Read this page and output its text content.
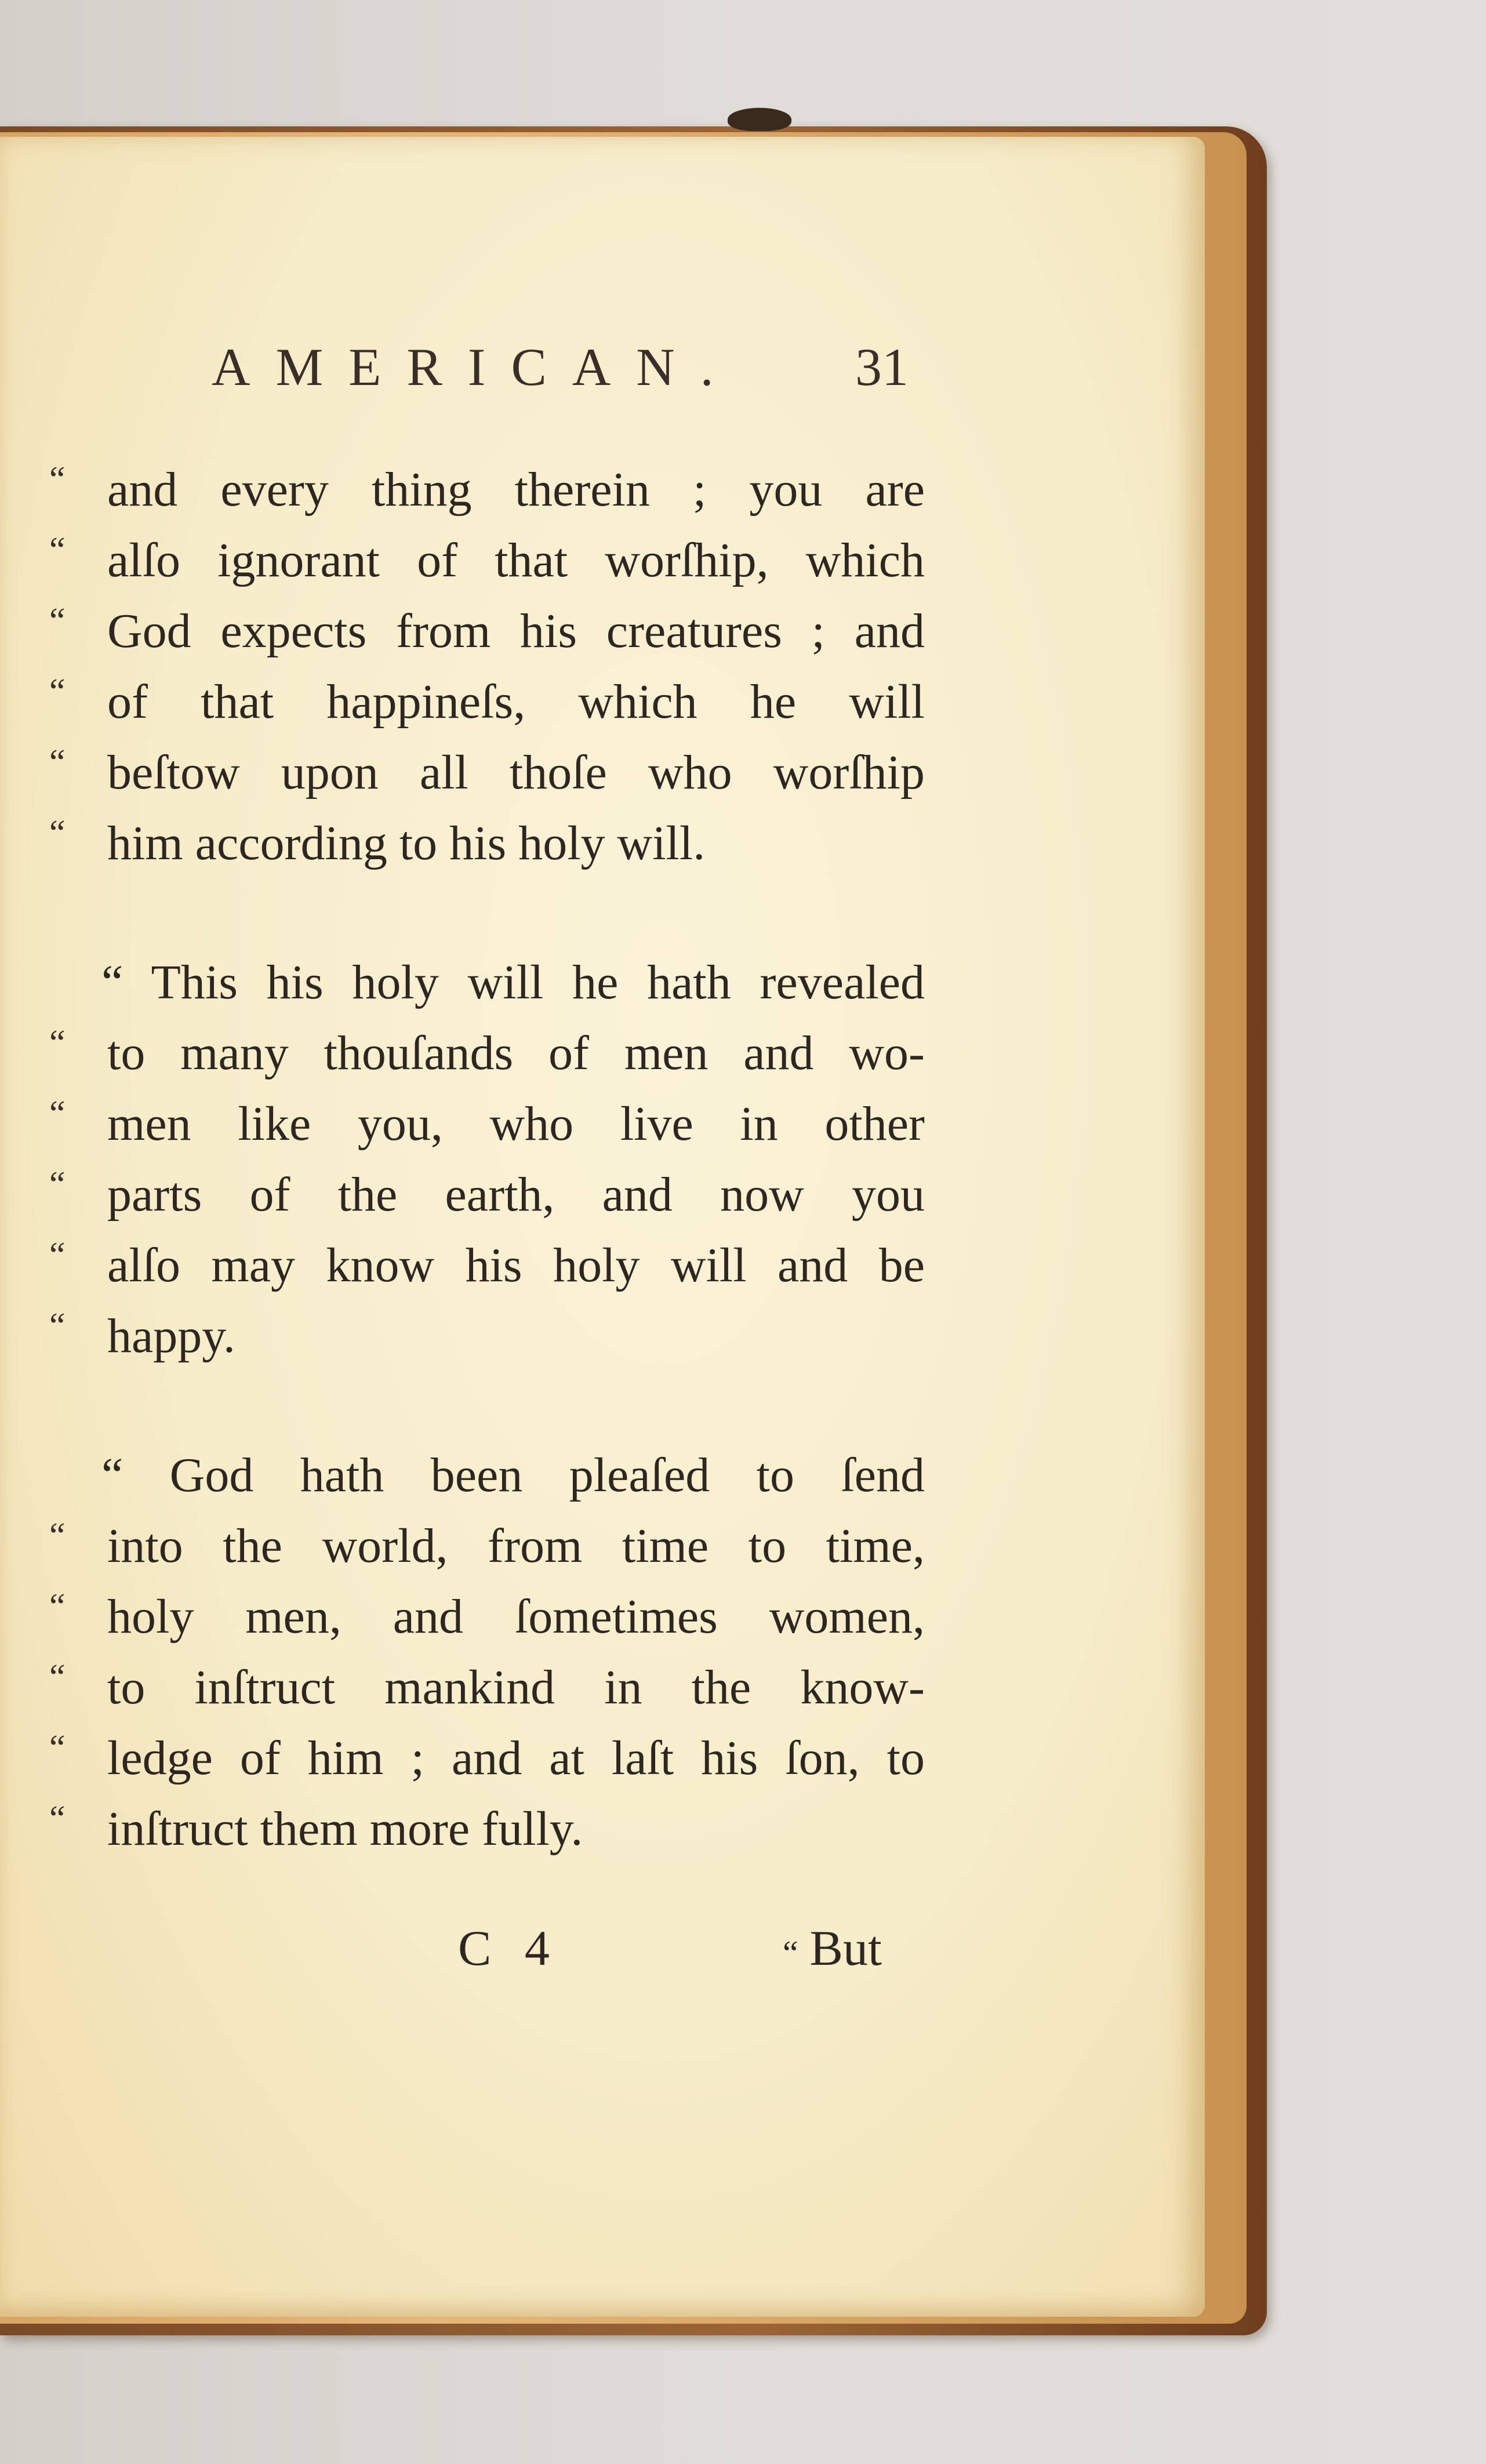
AMERICAN. 31
“ and every thing therein ; you are
“ alſo ignorant of that worſhip, which
“ God expects from his creatures ; and
“ of that happineſs, which he will
“ beſtow upon all thoſe who worſhip
“ him according to his holy will.
“ This his holy will he hath revealed
“ to many thouſands of men and wo-
“ men like you, who live in other
“ parts of the earth, and now you
“ alſo may know his holy will and be
“ happy.
“ God hath been pleaſed to ſend
“ into the world, from time to time,
“ holy men, and ſometimes women,
“ to inſtruct mankind in the know-
“ ledge of him ; and at laſt his ſon, to
“ inſtruct them more fully.
C 4	“ But
